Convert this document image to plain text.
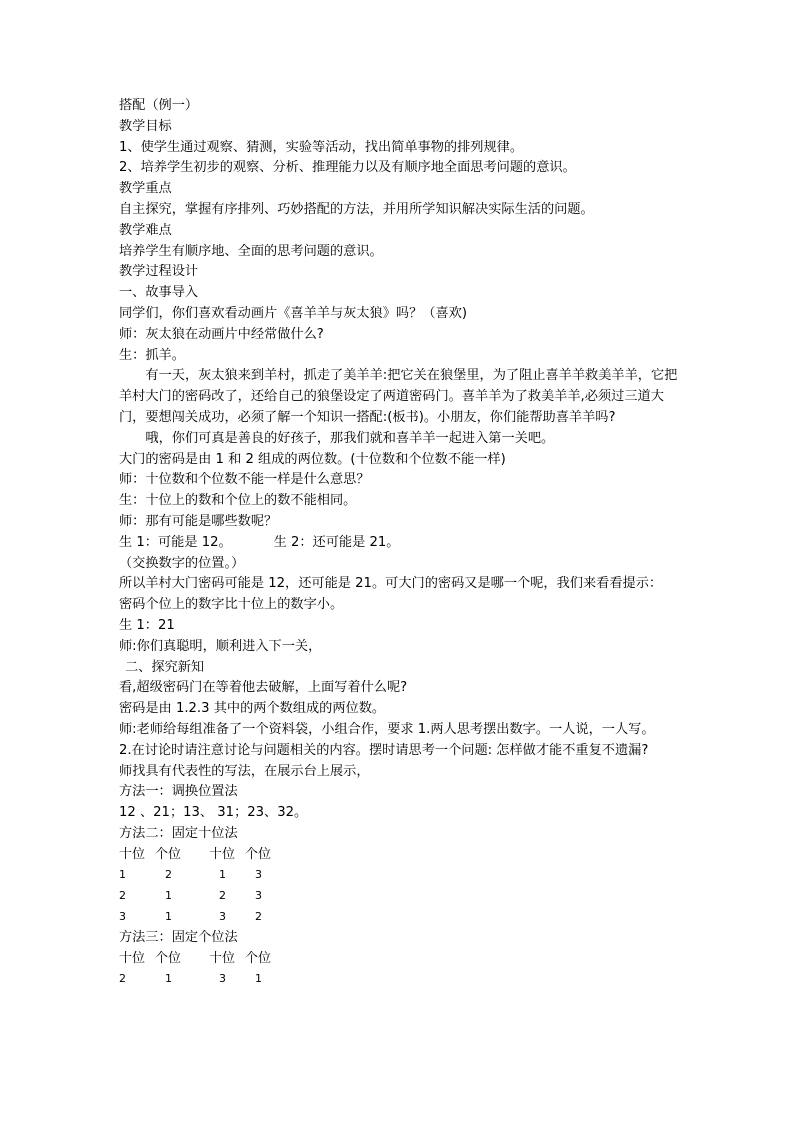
搭配（例一）
教学目标
1、使学生通过观察、猜测，实验等活动，找出简单事物的排列规律。
2、培养学生初步的观察、分析、推理能力以及有顺序地全面思考问题的意识。
教学重点
自主探究，掌握有序排列、巧妙搭配的方法，并用所学知识解决实际生活的问题。
教学难点
培养学生有顺序地、全面的思考问题的意识。
教学过程设计
一、故事导入
同学们，你们喜欢看动画片《喜羊羊与灰太狼》吗？（喜欢)
师：灰太狼在动画片中经常做什么?
生：抓羊。
有一天，灰太狼来到羊村，抓走了美羊羊:把它关在狼堡里，为了阻止喜羊羊救美羊羊，它把羊村大门的密码改了，还给自己的狼堡设定了两道密码门。喜羊羊为了救美羊羊,必须过三道大门，要想闯关成功，必须了解一个知识一搭配:(板书)。小朋友，你们能帮助喜羊羊吗?
哦，你们可真是善良的好孩子，那我们就和喜羊羊一起进入第一关吧。
大门的密码是由 1 和 2 组成的两位数。(十位数和个位数不能一样)
师：十位数和个位数不能一样是什么意思？
生：十位上的数和个位上的数不能相同。
师：那有可能是哪些数呢？
生 1：可能是 12。          生 2：还可能是 21。
（交换数字的位置。）
所以羊村大门密码可能是 12，还可能是 21。可大门的密码又是哪一个呢，我们来看看提示：
密码个位上的数字比十位上的数字小。
生 1：21
师:你们真聪明，顺利进入下一关，
二、探究新知
看,超级密码门在等着他去破解，上面写着什么呢?
密码是由 1.2.3 其中的两个数组成的两位数。
师:老师给每组准备了一个资料袋，小组合作，要求 1.两人思考摆出数字。一人说，一人写。
2.在讨论时请注意讨论与问题相关的内容。摆时请思考一个问题: 怎样做才能不重复不遗漏?
师找具有代表性的写法，在展示台上展示，
方法一：调换位置法
12 、21；13、 31；23、32。
方法二：固定十位法
十位 个位	十位 个位
1	2	1	3
2	1	2	3
3	1	3	2
方法三：固定个位法
十位 个位	十位 个位
2	1	3	1
